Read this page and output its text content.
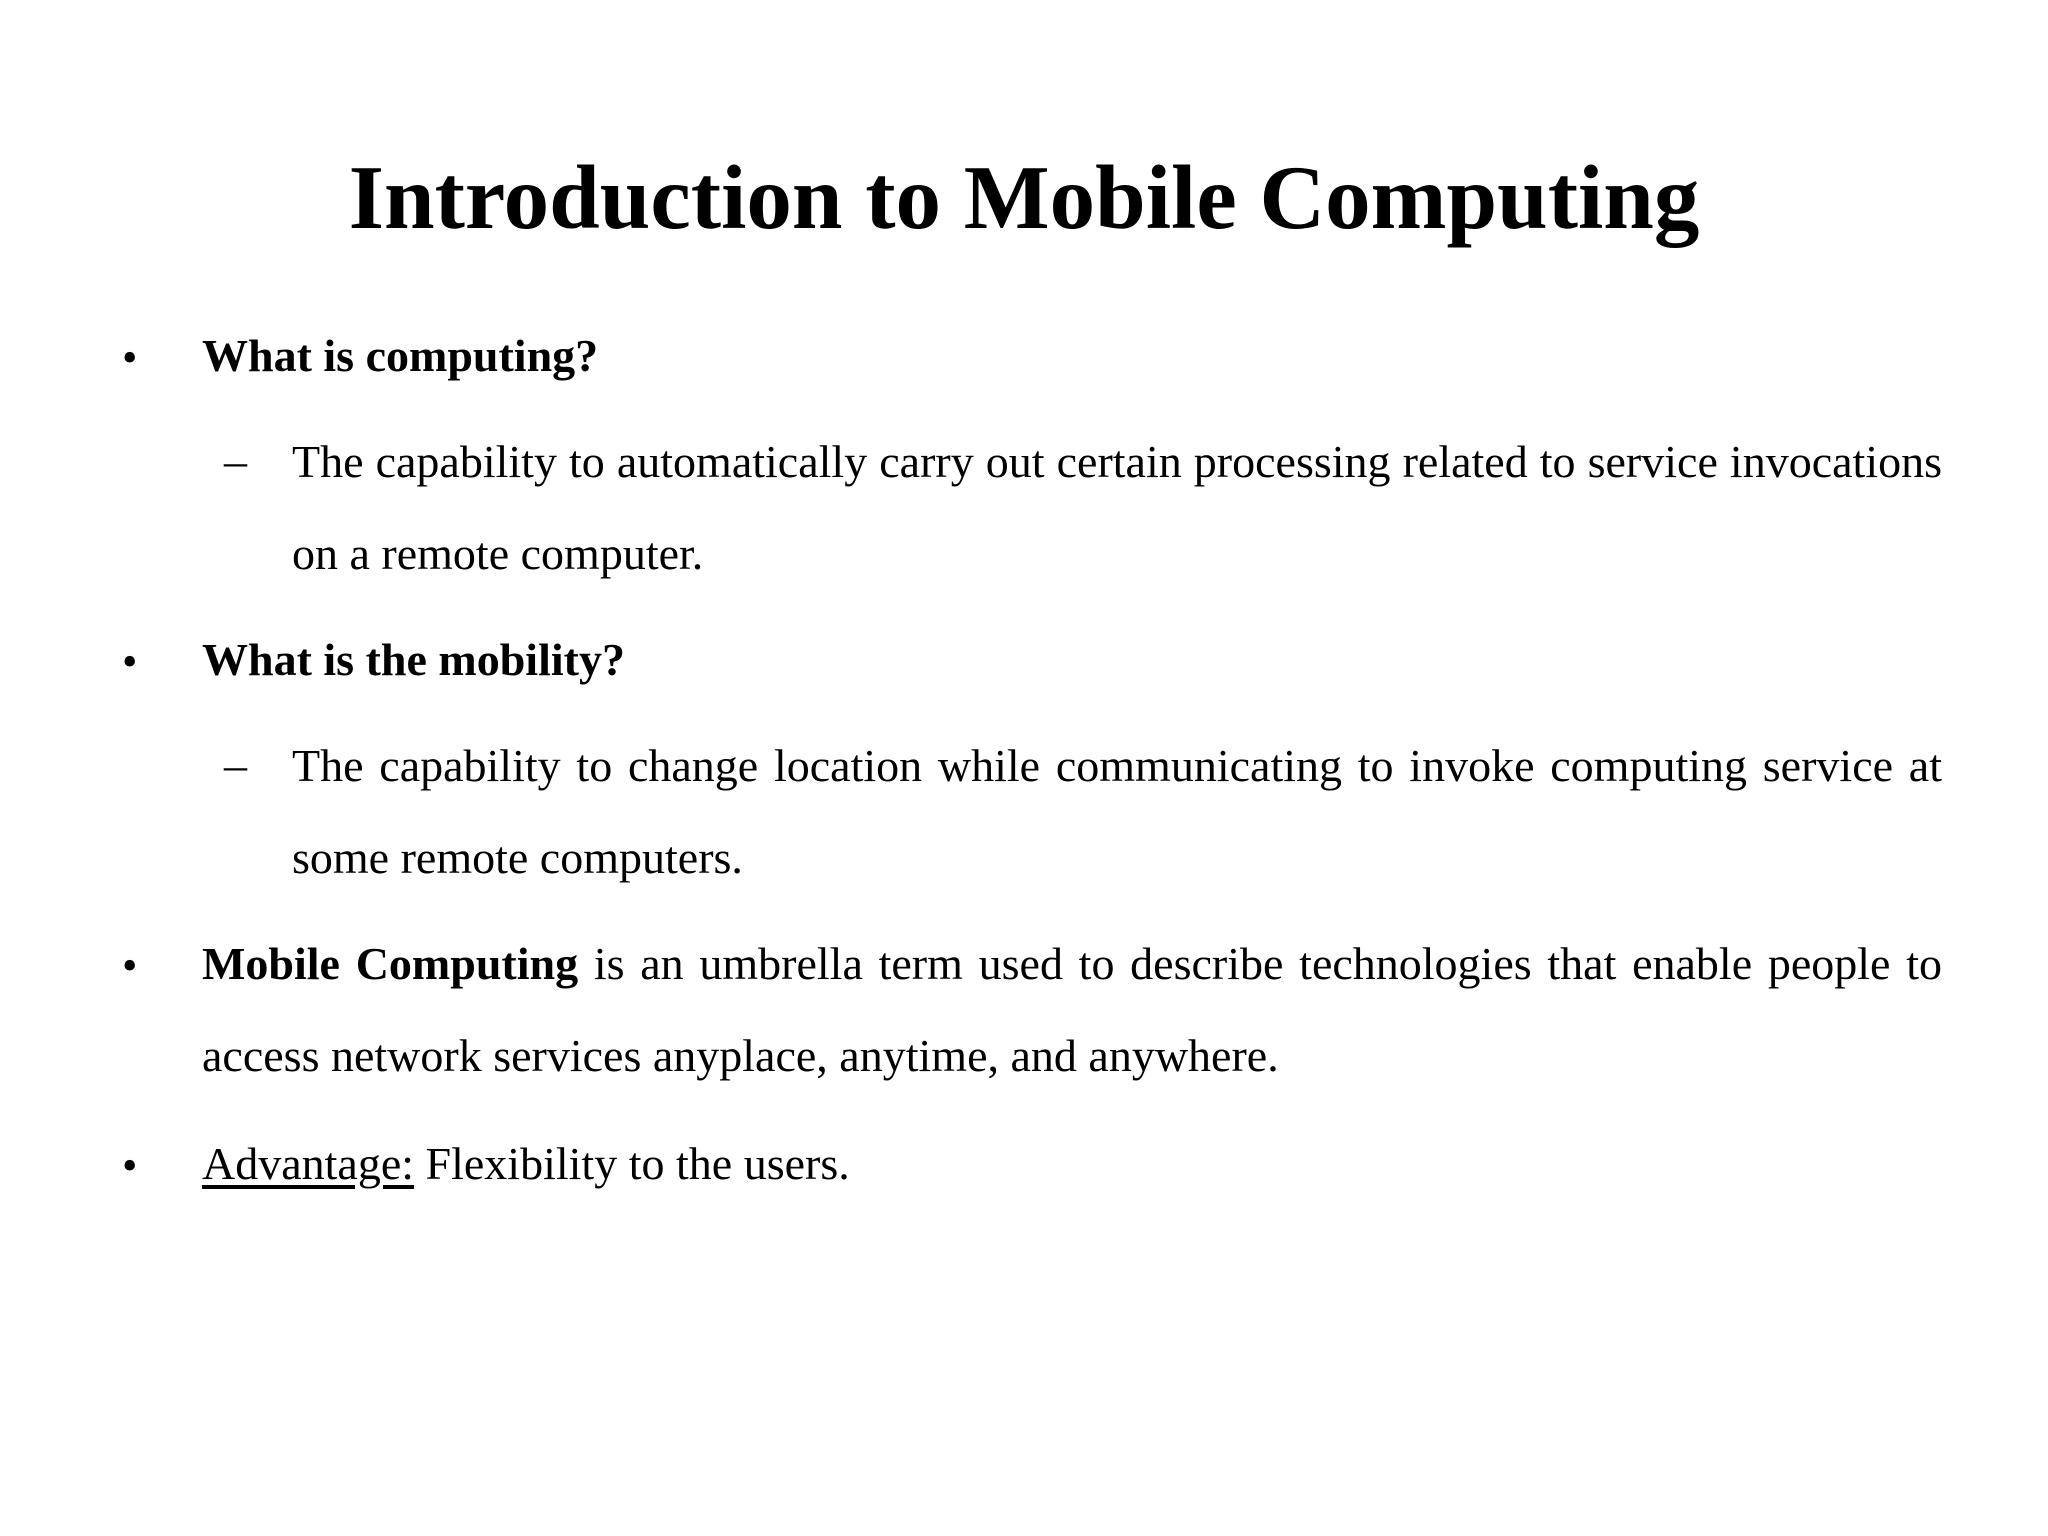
Introduction to Mobile Computing
• What is computing?

– The capability to automatically carry out certain processing related to service invocations on a remote computer.

• What is the mobility?

– The capability to change location while communicating to invoke computing service at some remote computers.

• Mobile Computing is an umbrella term used to describe technologies that enable people to access network services anyplace, anytime, and anywhere.

• Advantage: Flexibility to the users.
